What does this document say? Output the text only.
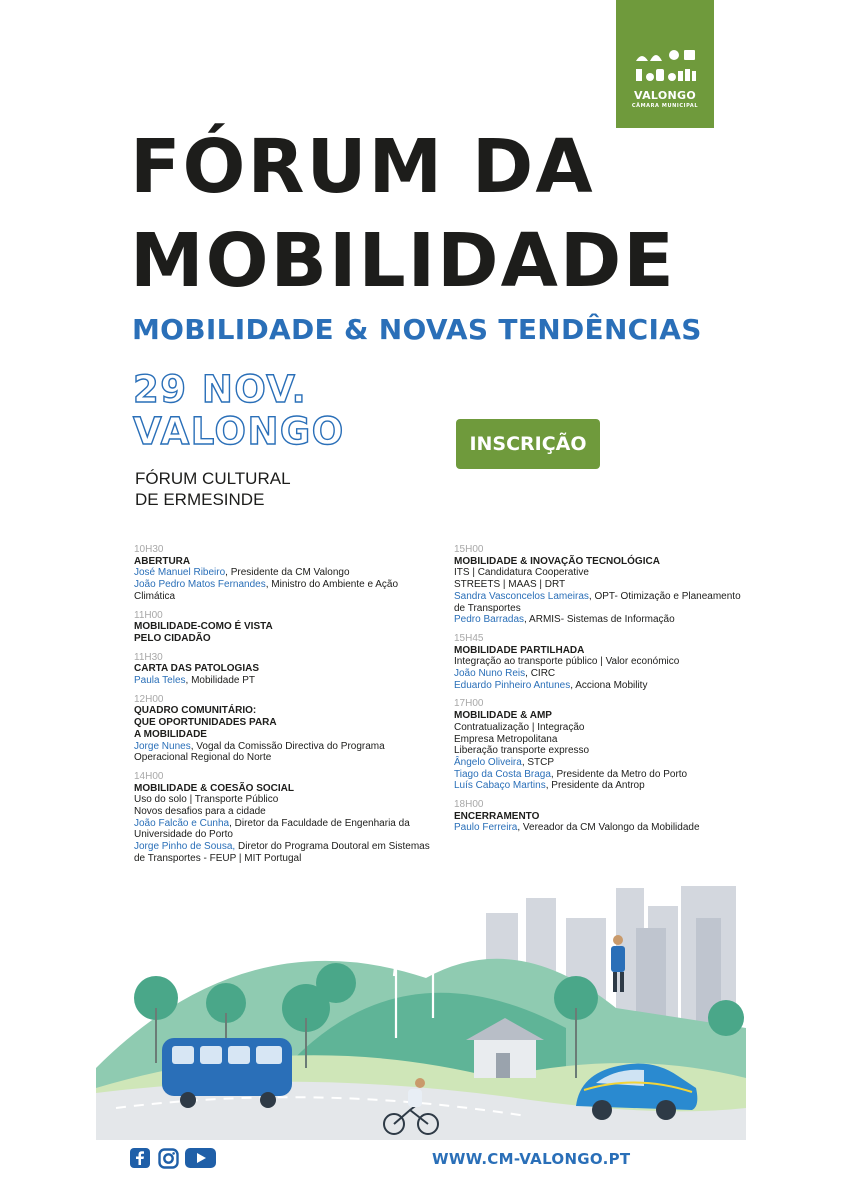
VALONGO
CÂMARA MUNICIPAL
FÓRUM DA
MOBILIDADE
MOBILIDADE & NOVAS TENDÊNCIAS
29 NOV.
VALONGO	INSCRIÇÃO
FÓRUM CULTURAL
DE ERMESINDE
10H30
ABERTURA
José Manuel Ribeiro, Presidente da CM Valongo
João Pedro Matos Fernandes, Ministro do Ambiente e Ação Climática
11H00
MOBILIDADE-COMO É VISTA
PELO CIDADÃO
11H30
CARTA DAS PATOLOGIAS
Paula Teles, Mobilidade PT
12H00
QUADRO COMUNITÁRIO:
QUE OPORTUNIDADES PARA
A MOBILIDADE
Jorge Nunes, Vogal da Comissão Directiva do Programa Operacional Regional do Norte
14H00
MOBILIDADE & COESÃO SOCIAL
Uso do solo | Transporte Público
Novos desafios para a cidade
João Falcão e Cunha, Diretor da Faculdade de Engenharia da Universidade do Porto
Jorge Pinho de Sousa, Diretor do Programa Doutoral em Sistemas de Transportes - FEUP | MIT Portugal
15H00
MOBILIDADE & INOVAÇÃO TECNOLÓGICA
ITS | Candidatura Cooperative
STREETS | MAAS | DRT
Sandra Vasconcelos Lameiras, OPT- Otimização e Planeamento de Transportes
Pedro Barradas, ARMIS- Sistemas de Informação
15H45
MOBILIDADE PARTILHADA
Integração ao transporte público | Valor económico
João Nuno Reis, CIRC
Eduardo Pinheiro Antunes, Acciona Mobility
17H00
MOBILIDADE & AMP
Contratualização | Integração
Empresa Metropolitana
Liberação transporte expresso
Ângelo Oliveira, STCP
Tiago da Costa Braga, Presidente da Metro do Porto
Luís Cabaço Martins, Presidente da Antrop
18H00
ENCERRAMENTO
Paulo Ferreira, Vereador da CM Valongo da Mobilidade
WWW.CM-VALONGO.PT
